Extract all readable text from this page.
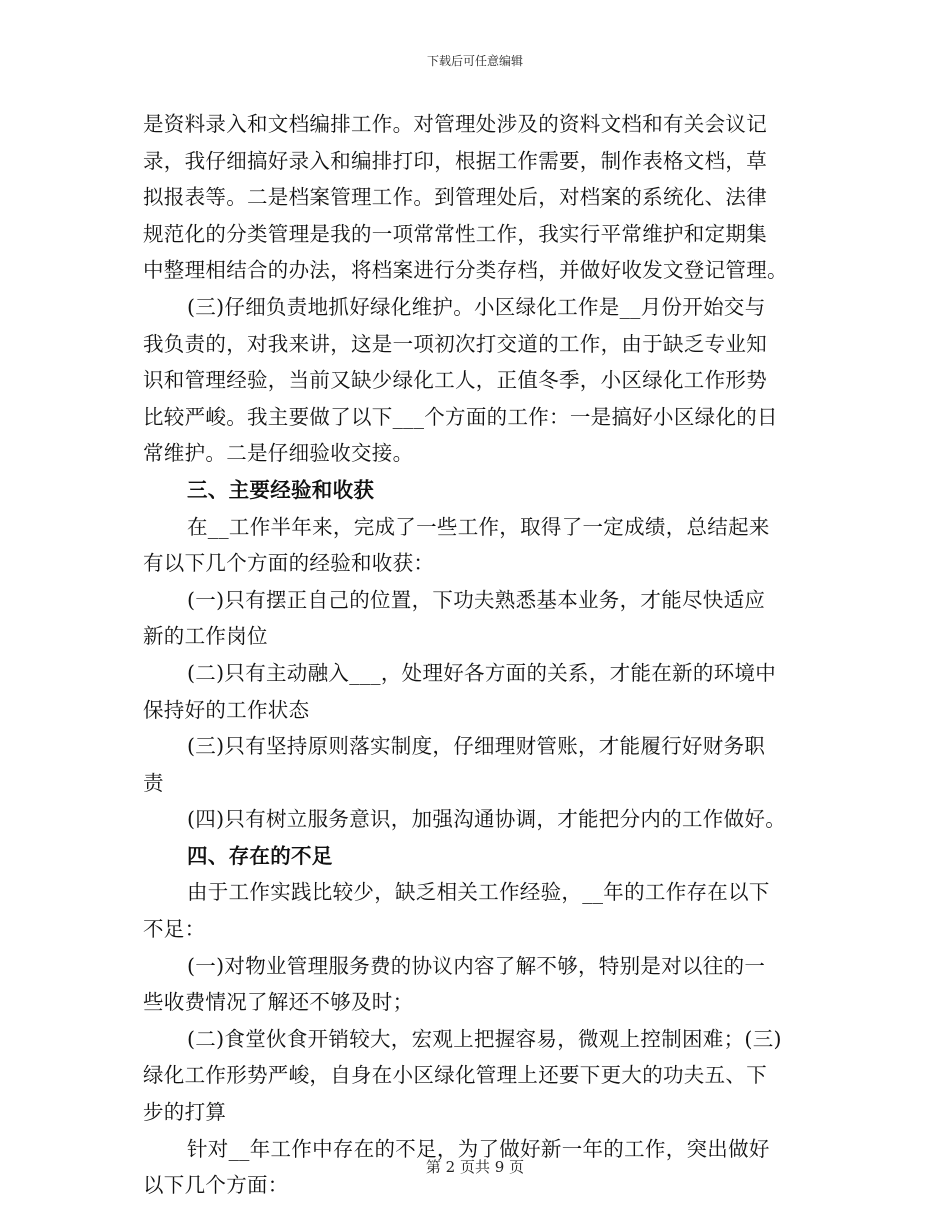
下载后可任意编辑
是资料录入和文档编排工作。对管理处涉及的资料文档和有关会议记
录，我仔细搞好录入和编排打印，根据工作需要，制作表格文档，草
拟报表等。二是档案管理工作。到管理处后，对档案的系统化、法律
规范化的分类管理是我的一项常常性工作，我实行平常维护和定期集
中整理相结合的办法，将档案进行分类存档，并做好收发文登记管理。
(三)仔细负责地抓好绿化维护。小区绿化工作是__月份开始交与
我负责的，对我来讲，这是一项初次打交道的工作，由于缺乏专业知
识和管理经验，当前又缺少绿化工人，正值冬季，小区绿化工作形势
比较严峻。我主要做了以下___个方面的工作：一是搞好小区绿化的日
常维护。二是仔细验收交接。
三、主要经验和收获
在__工作半年来，完成了一些工作，取得了一定成绩，总结起来
有以下几个方面的经验和收获：
(一)只有摆正自己的位置，下功夫熟悉基本业务，才能尽快适应
新的工作岗位
(二)只有主动融入___，处理好各方面的关系，才能在新的环境中
保持好的工作状态
(三)只有坚持原则落实制度，仔细理财管账，才能履行好财务职
责
(四)只有树立服务意识，加强沟通协调，才能把分内的工作做好。
四、存在的不足
由于工作实践比较少，缺乏相关工作经验，__年的工作存在以下
不足：
(一)对物业管理服务费的协议内容了解不够，特别是对以往的一
些收费情况了解还不够及时；
(二)食堂伙食开销较大，宏观上把握容易，微观上控制困难；(三)
绿化工作形势严峻，自身在小区绿化管理上还要下更大的功夫五、下
步的打算
针对__年工作中存在的不足，为了做好新一年的工作，突出做好
以下几个方面：
第 2 页共 9 页
